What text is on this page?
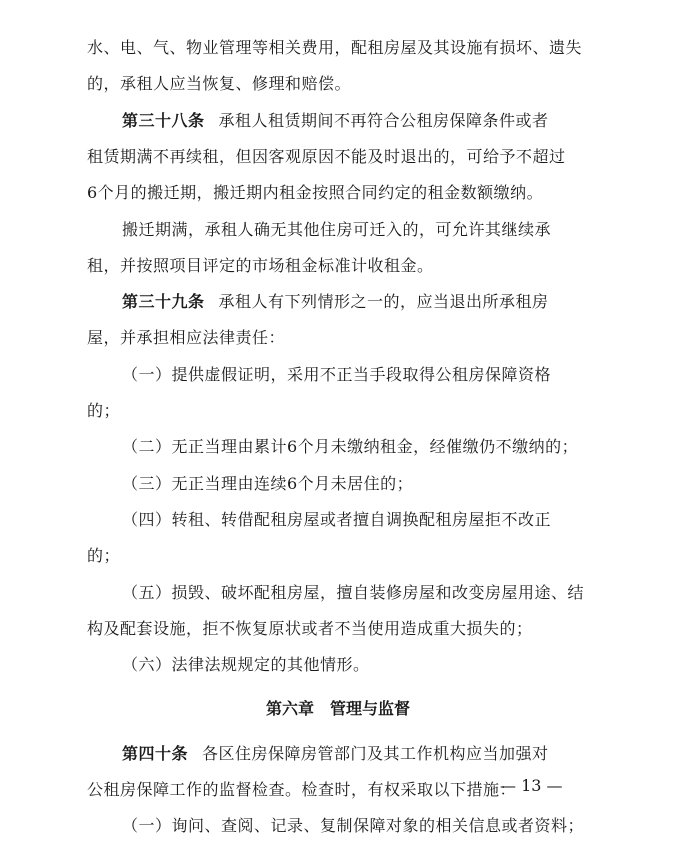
水、电、气、物业管理等相关费用，配租房屋及其设施有损坏、遗失
的，承租人应当恢复、修理和赔偿。
第三十八条 承租人租赁期间不再符合公租房保障条件或者
租赁期满不再续租，但因客观原因不能及时退出的，可给予不超过
6个月的搬迁期，搬迁期内租金按照合同约定的租金数额缴纳。
搬迁期满，承租人确无其他住房可迁入的，可允许其继续承
租，并按照项目评定的市场租金标准计收租金。
第三十九条 承租人有下列情形之一的，应当退出所承租房
屋，并承担相应法律责任：
（一）提供虚假证明，采用不正当手段取得公租房保障资格
的；
（二）无正当理由累计6个月未缴纳租金，经催缴仍不缴纳的；
（三）无正当理由连续6个月未居住的；
（四）转租、转借配租房屋或者擅自调换配租房屋拒不改正
的；
（五）损毁、破坏配租房屋，擅自装修房屋和改变房屋用途、结
构及配套设施，拒不恢复原状或者不当使用造成重大损失的；
（六）法律法规规定的其他情形。
第六章　管理与监督
第四十条 各区住房保障房管部门及其工作机构应当加强对
公租房保障工作的监督检查。检查时，有权采取以下措施：
（一）询问、查阅、记录、复制保障对象的相关信息或者资料；
— 13 —
